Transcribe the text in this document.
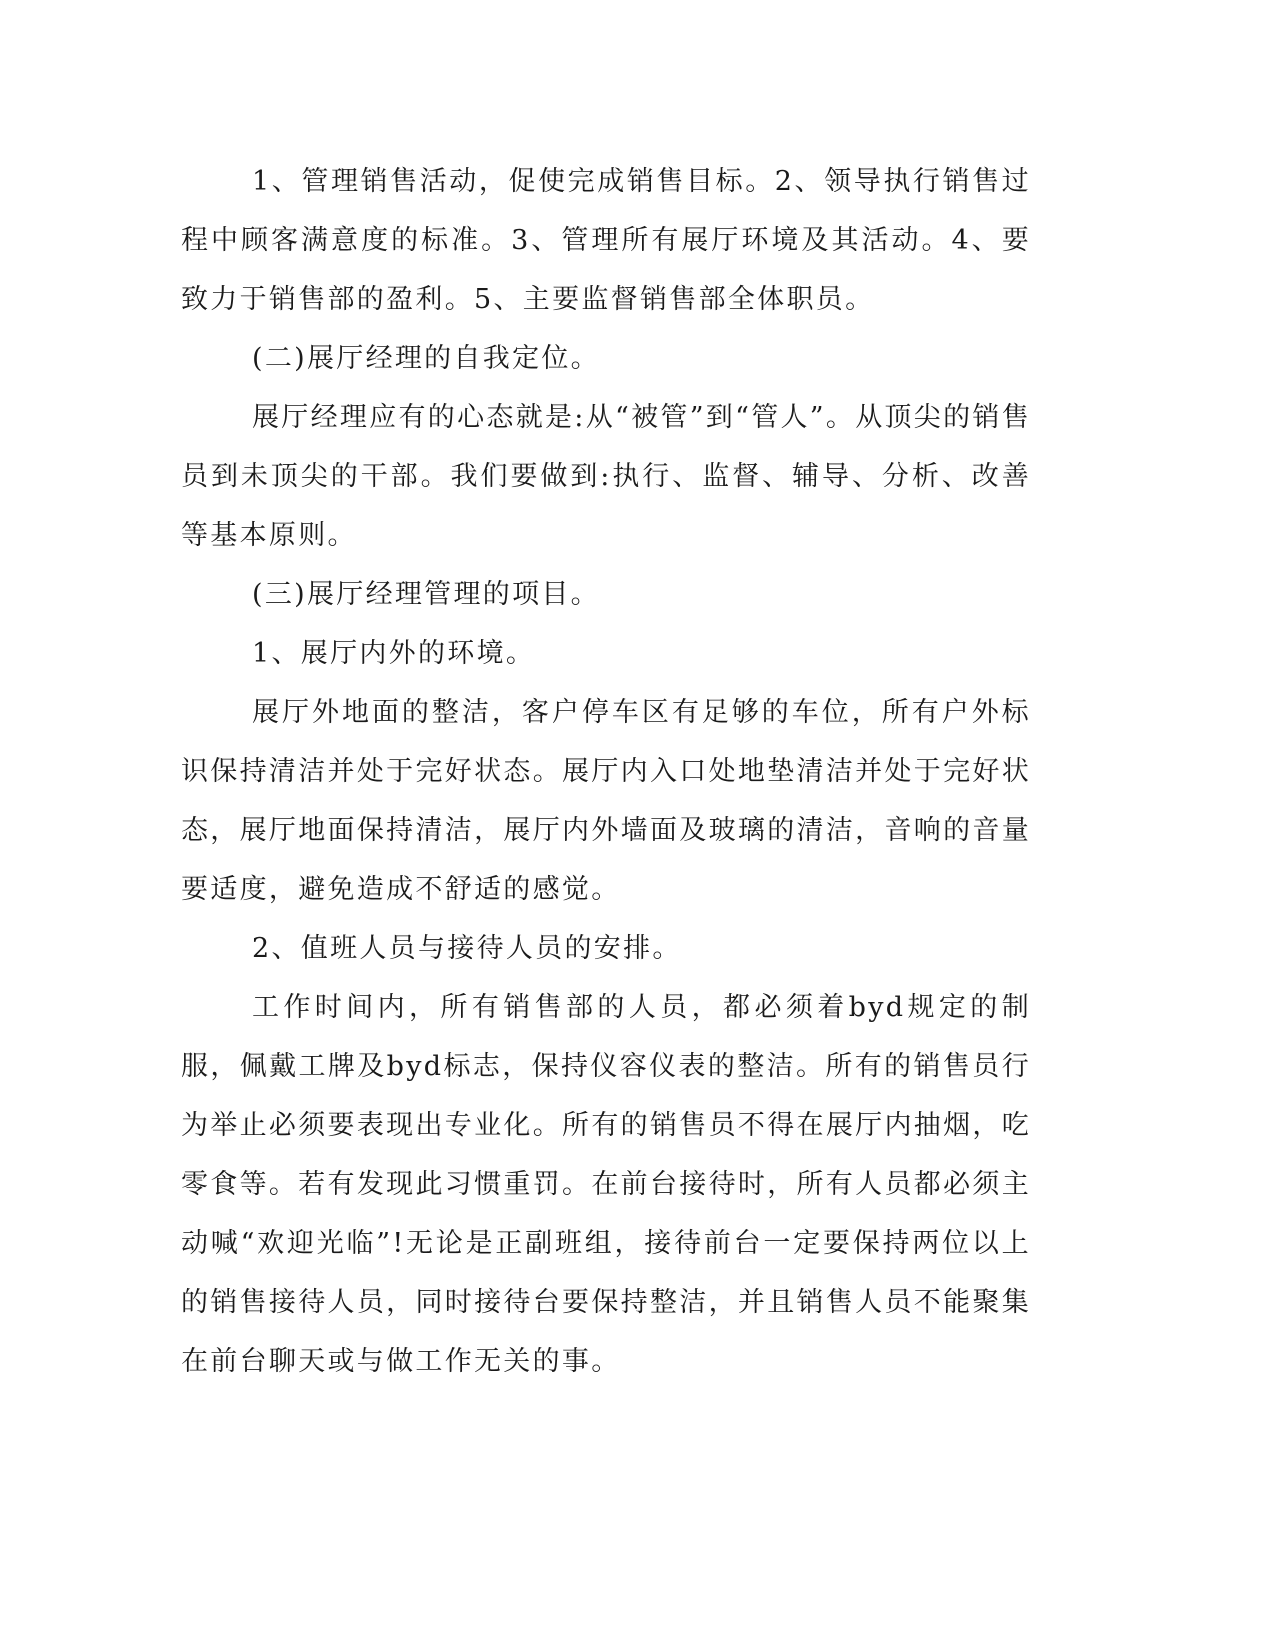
1、管理销售活动，促使完成销售目标。2、领导执行销售过程中顾客满意度的标准。3、管理所有展厅环境及其活动。4、要致力于销售部的盈利。5、主要监督销售部全体职员。

(二)展厅经理的自我定位。

展厅经理应有的心态就是:从“被管”到“管人”。从顶尖的销售员到未顶尖的干部。我们要做到:执行、监督、辅导、分析、改善等基本原则。

(三)展厅经理管理的项目。

1、展厅内外的环境。

展厅外地面的整洁，客户停车区有足够的车位，所有户外标识保持清洁并处于完好状态。展厅内入口处地垫清洁并处于完好状态，展厅地面保持清洁，展厅内外墙面及玻璃的清洁，音响的音量要适度，避免造成不舒适的感觉。

2、值班人员与接待人员的安排。

工作时间内，所有销售部的人员，都必须着byd规定的制服，佩戴工牌及byd标志，保持仪容仪表的整洁。所有的销售员行为举止必须要表现出专业化。所有的销售员不得在展厅内抽烟，吃零食等。若有发现此习惯重罚。在前台接待时，所有人员都必须主动喊“欢迎光临”!无论是正副班组，接待前台一定要保持两位以上的销售接待人员，同时接待台要保持整洁，并且销售人员不能聚集在前台聊天或与做工作无关的事。
